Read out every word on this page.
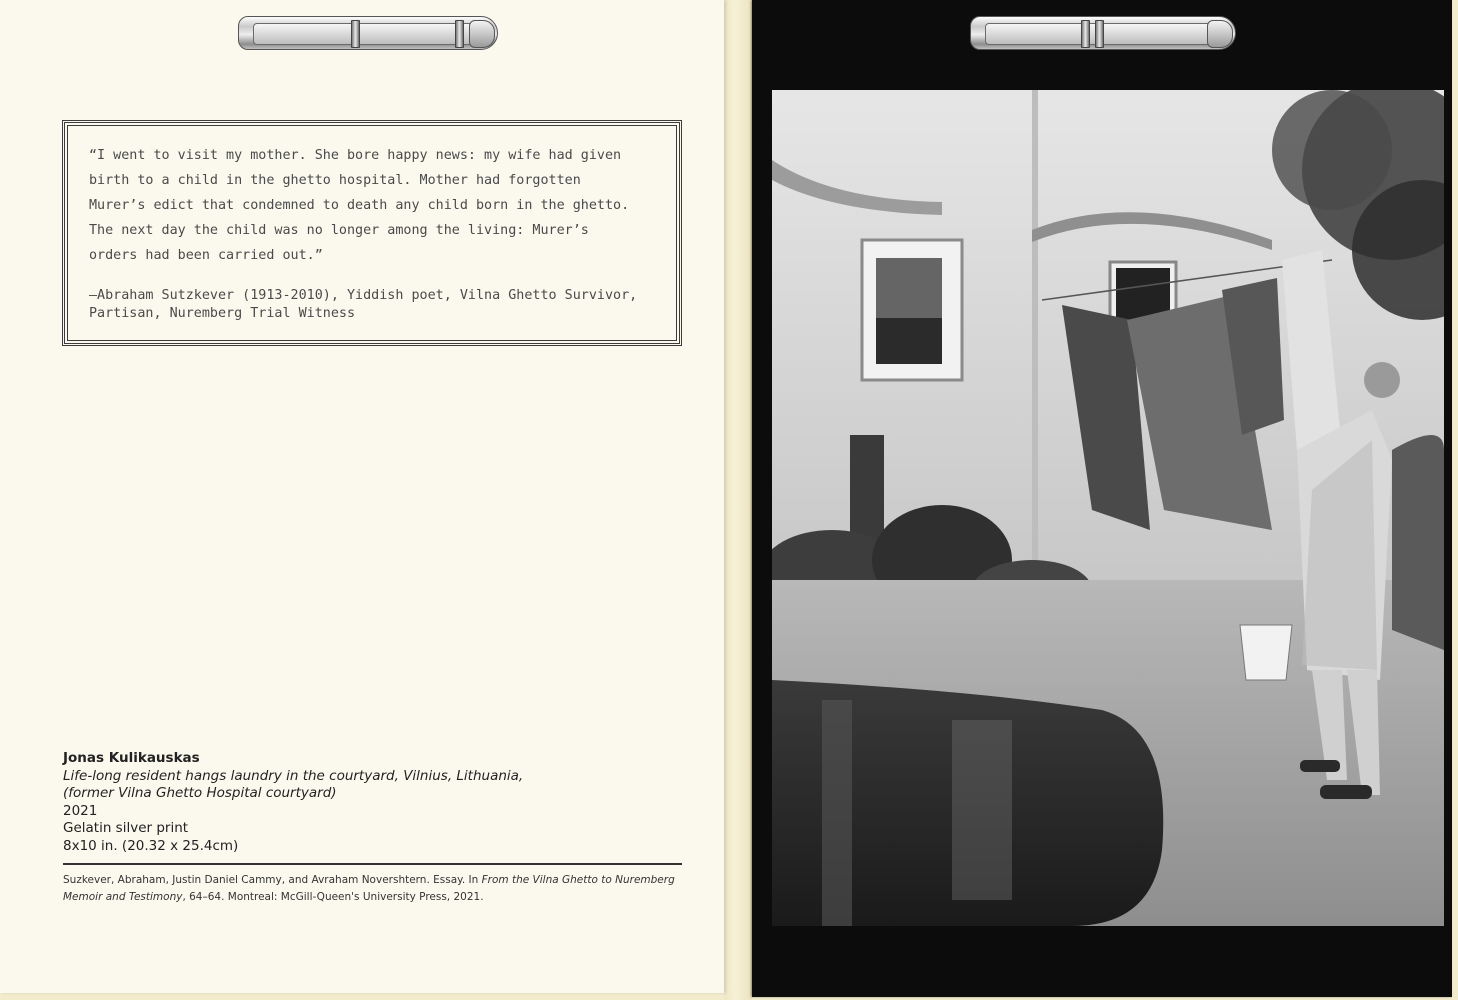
“I went to visit my mother. She bore happy news: my wife had given
birth to a child in the ghetto hospital. Mother had forgotten
Murer’s edict that condemned to death any child born in the ghetto.
The next day the child was no longer among the living: Murer’s
orders had been carried out.”

—Abraham Sutzkever (1913-2010), Yiddish poet, Vilna Ghetto Survivor,
Partisan, Nuremberg Trial Witness

Jonas Kulikauskas
Life-long resident hangs laundry in the courtyard, Vilnius, Lithuania,
(former Vilna Ghetto Hospital courtyard)
2021
Gelatin silver print
8x10 in. (20.32 x 25.4cm)
Suzkever, Abraham, Justin Daniel Cammy, and Avraham Novershtern. Essay. In From the Vilna Ghetto to Nuremberg Memoir and Testimony, 64–64. Montreal: McGill-Queen's University Press, 2021.
